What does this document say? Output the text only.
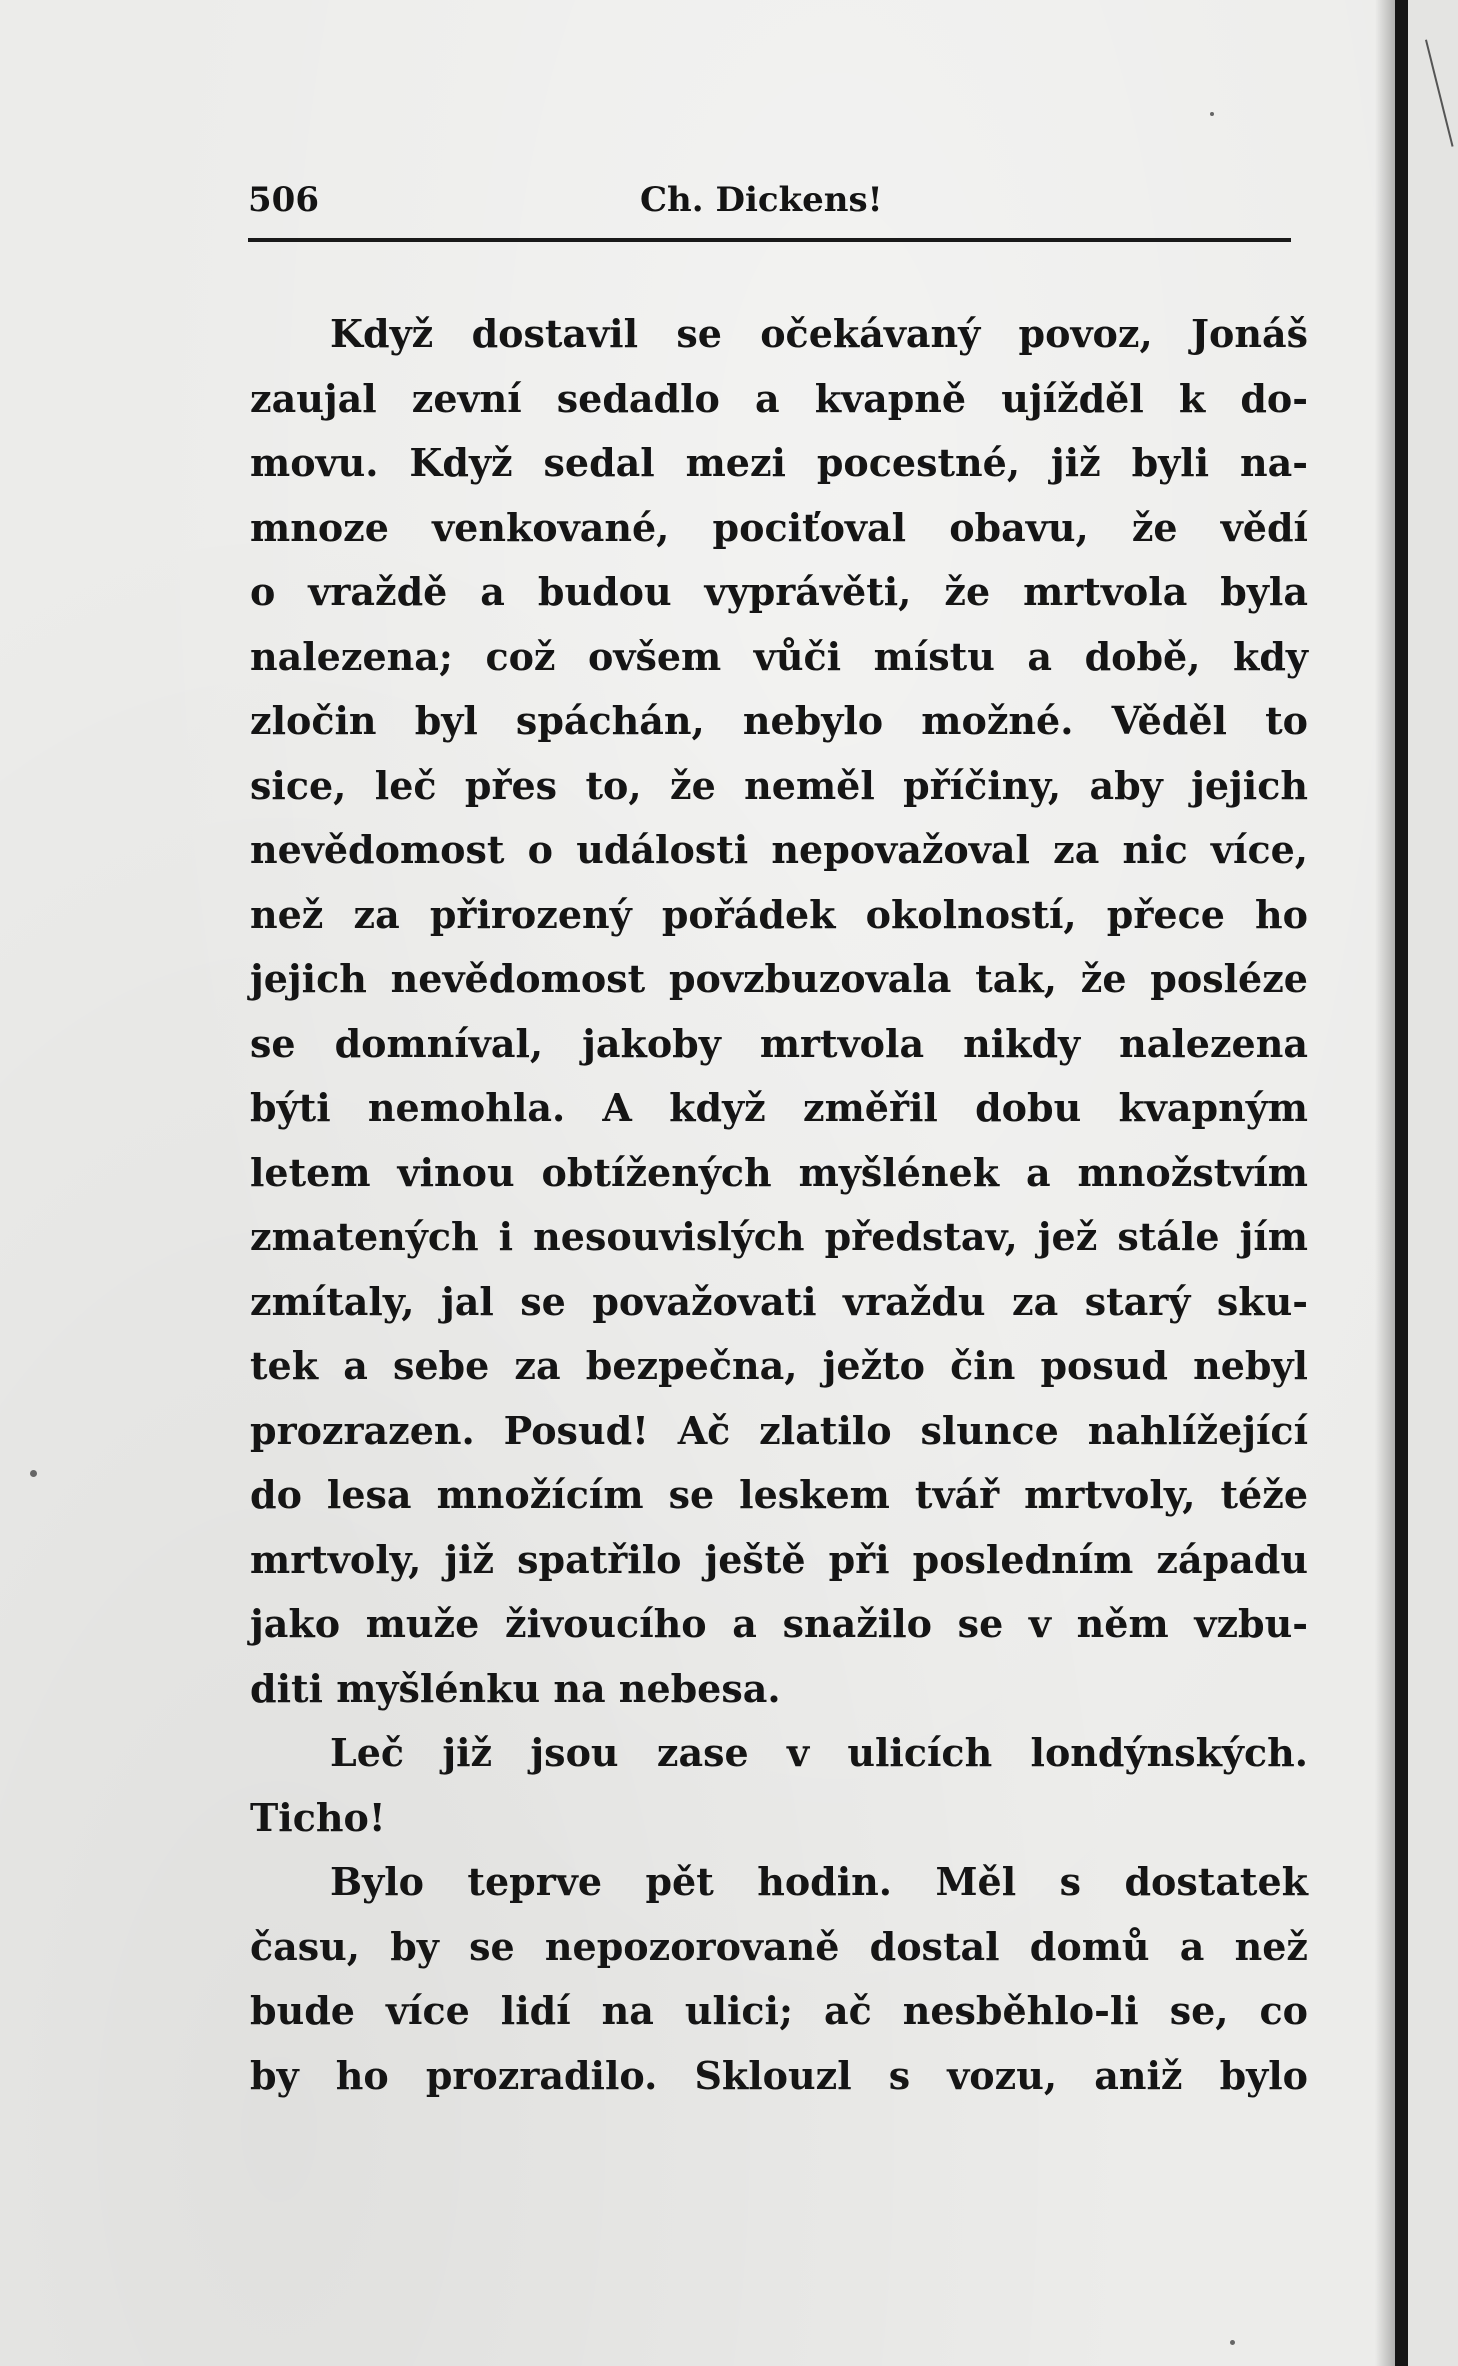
506	Ch. Dickens!
Když dostavil se očekávaný povoz, Jonáš
zaujal zevní sedadlo a kvapně ujížděl k do-
movu. Když sedal mezi pocestné, již byli na-
mnoze venkované, pociťoval obavu, že vědí
o vraždě a budou vyprávěti, že mrtvola byla
nalezena; což ovšem vůči místu a době, kdy
zločin byl spáchán, nebylo možné. Věděl to
sice, leč přes to, že neměl příčiny, aby jejich
nevědomost o události nepovažoval za nic více,
než za přirozený pořádek okolností, přece ho
jejich nevědomost povzbuzovala tak, že posléze
se domníval, jakoby mrtvola nikdy nalezena
býti nemohla. A když změřil dobu kvapným
letem vinou obtížených myšlének a množstvím
zmatených i nesouvislých představ, jež stále jím
zmítaly, jal se považovati vraždu za starý sku-
tek a sebe za bezpečna, ježto čin posud nebyl
prozrazen. Posud! Ač zlatilo slunce nahlížející
do lesa množícím se leskem tvář mrtvoly, téže
mrtvoly, již spatřilo ještě při posledním západu
jako muže živoucího a snažilo se v něm vzbu-
diti myšlénku na nebesa.
Leč již jsou zase v ulicích londýnských.
Ticho!
Bylo teprve pět hodin. Měl s dostatek
času, by se nepozorovaně dostal domů a než
bude více lidí na ulici; ač nesběhlo-li se, co
by ho prozradilo. Sklouzl s vozu, aniž bylo
